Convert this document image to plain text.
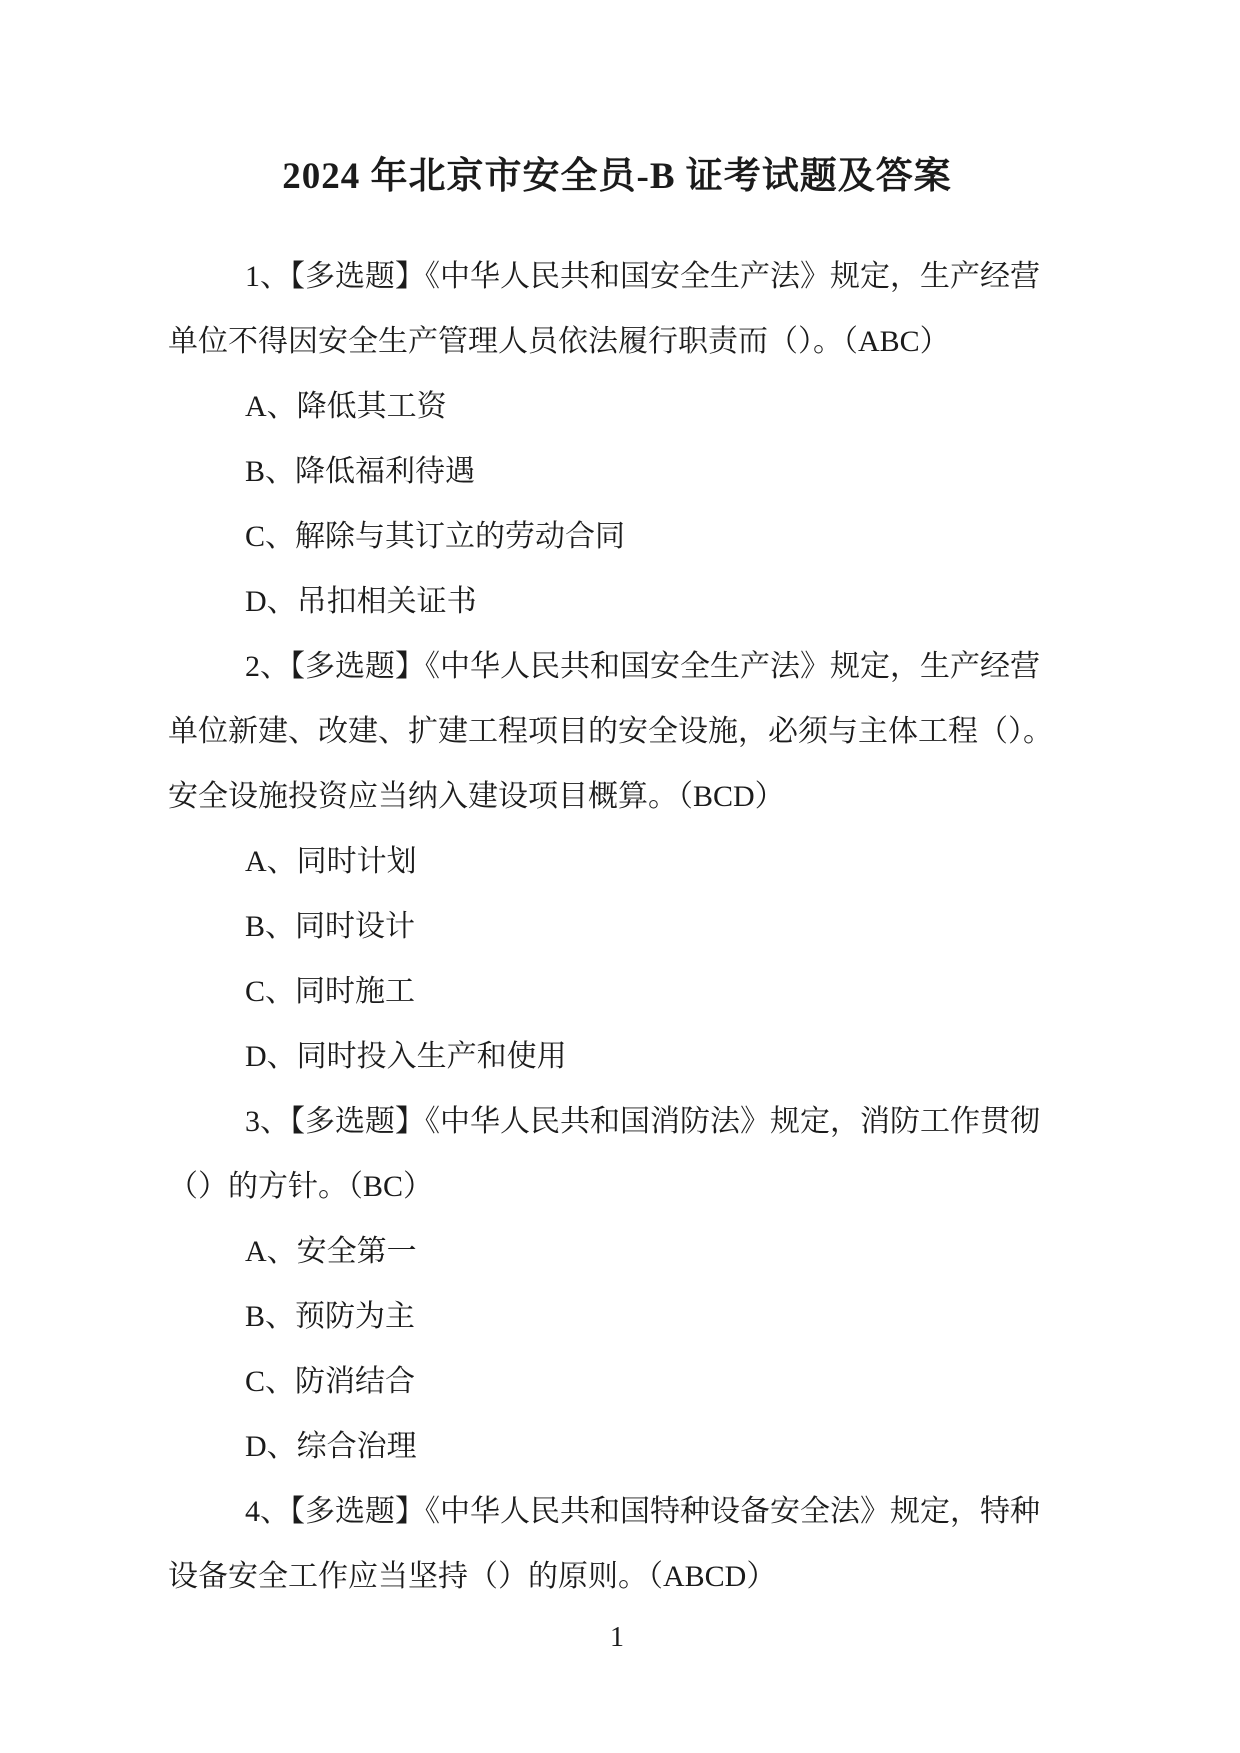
2024 年北京市安全员-B 证考试题及答案

1、【多选题】《中华人民共和国安全生产法》规定，生产经营

单位不得因安全生产管理人员依法履行职责而（）。（ABC）

A、降低其工资

B、降低福利待遇

C、解除与其订立的劳动合同

D、吊扣相关证书

2、【多选题】《中华人民共和国安全生产法》规定，生产经营

单位新建、改建、扩建工程项目的安全设施，必须与主体工程（）。

安全设施投资应当纳入建设项目概算。（BCD）

A、同时计划

B、同时设计

C、同时施工

D、同时投入生产和使用

3、【多选题】《中华人民共和国消防法》规定，消防工作贯彻

（）的方针。（BC）

A、安全第一

B、预防为主

C、防消结合

D、综合治理

4、【多选题】《中华人民共和国特种设备安全法》规定，特种

设备安全工作应当坚持（）的原则。（ABCD）

1
